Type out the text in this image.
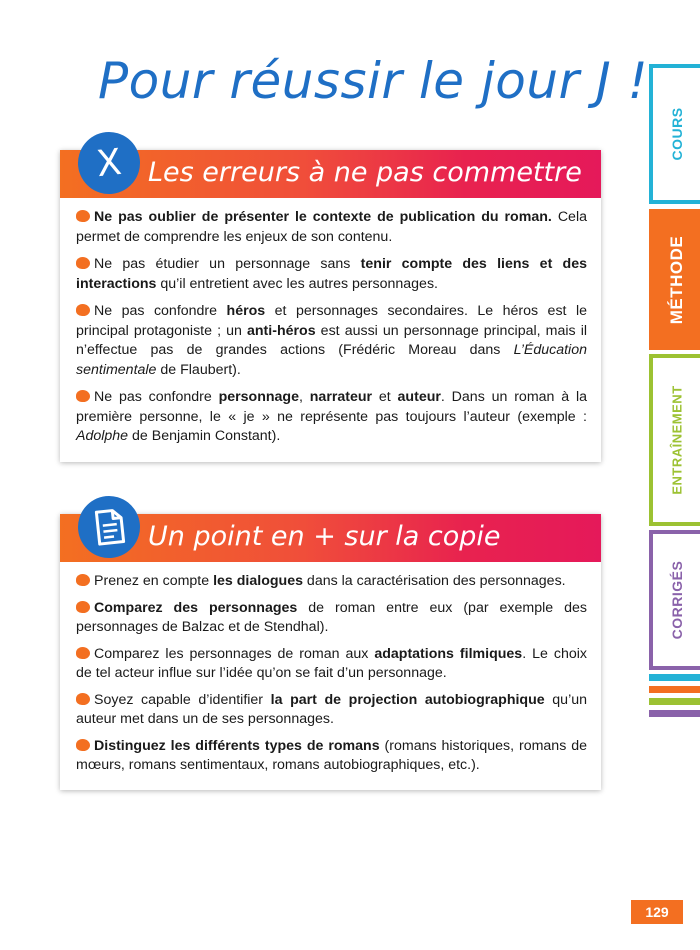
Pour réussir le jour J !
Les erreurs à ne pas commettre
X

Ne pas oublier de présenter le contexte de publication du roman. Cela permet de comprendre les enjeux de son contenu.

Ne pas étudier un personnage sans tenir compte des liens et des interactions qu’il entretient avec les autres personnages.

Ne pas confondre héros et personnages secondaires. Le héros est le principal protagoniste ; un anti-héros est aussi un personnage principal, mais il n’effectue pas de grandes actions (Frédéric Moreau dans L’Éducation sentimentale de Flaubert).

Ne pas confondre personnage, narrateur et auteur. Dans un roman à la première personne, le « je » ne représente pas toujours l’auteur (exemple : Adolphe de Benjamin Constant).

Un point en + sur la copie

Prenez en compte les dialogues dans la caractérisation des personnages.

Comparez des personnages de roman entre eux (par exemple des personnages de Balzac et de Stendhal).

Comparez les personnages de roman aux adaptations filmiques. Le choix de tel acteur influe sur l’idée qu’on se fait d’un personnage.

Soyez capable d’identifier la part de projection autobiographique qu’un auteur met dans un de ses personnages.

Distinguez les différents types de romans (romans historiques, romans de mœurs, romans sentimentaux, romans autobiographiques, etc.).

COURS
MÉTHODE
ENTRAÎNEMENT
CORRIGÉS
129
